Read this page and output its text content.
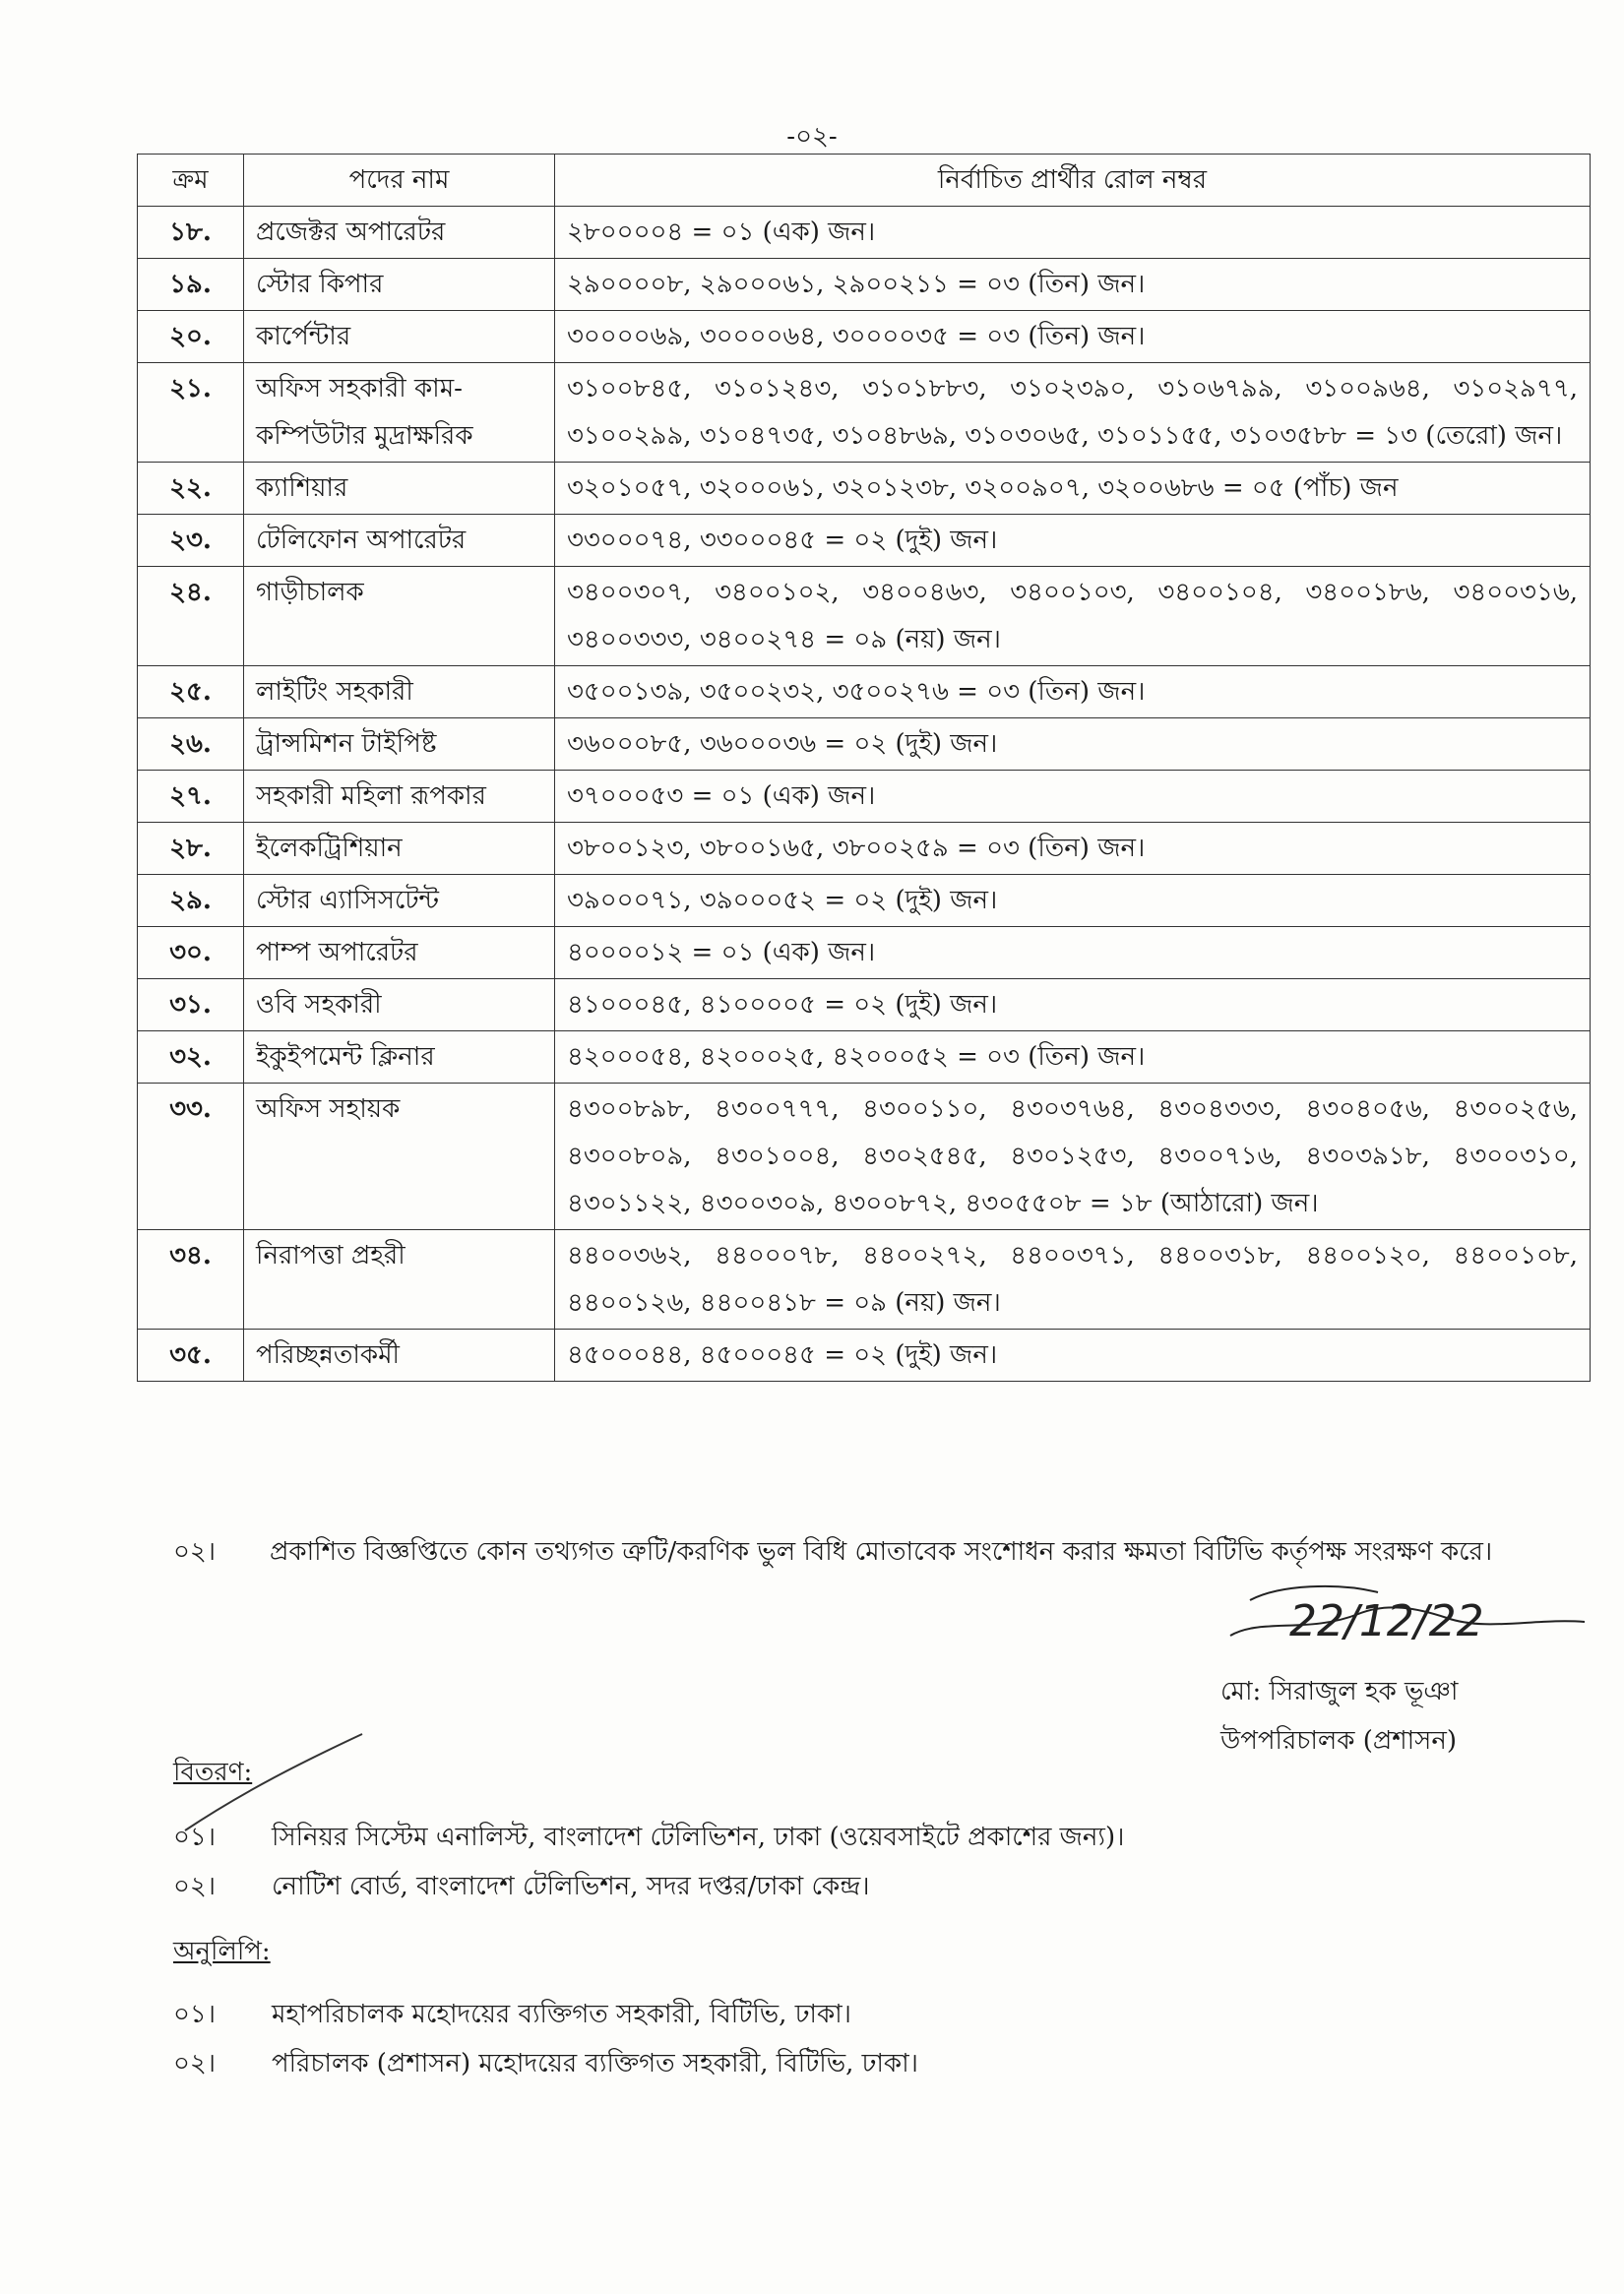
-০২-
ক্রম	পদের নাম	নির্বাচিত প্রার্থীর রোল নম্বর
১৮.	প্রজেক্টর অপারেটর	২৮০০০০৪ = ০১ (এক) জন।
১৯.	স্টোর কিপার	২৯০০০০৮, ২৯০০০৬১, ২৯০০২১১ = ০৩ (তিন) জন।
২০.	কার্পেন্টার	৩০০০০৬৯, ৩০০০০৬৪, ৩০০০০৩৫ = ০৩ (তিন) জন।
২১.	অফিস সহকারী কাম-কম্পিউটার মুদ্রাক্ষরিক	৩১০০৮৪৫, ৩১০১২৪৩, ৩১০১৮৮৩, ৩১০২৩৯০, ৩১০৬৭৯৯, ৩১০০৯৬৪, ৩১০২৯৭৭, ৩১০০২৯৯, ৩১০৪৭৩৫, ৩১০৪৮৬৯, ৩১০৩০৬৫, ৩১০১১৫৫, ৩১০৩৫৮৮ = ১৩ (তেরো) জন।
২২.	ক্যাশিয়ার	৩২০১০৫৭, ৩২০০০৬১, ৩২০১২৩৮, ৩২০০৯০৭, ৩২০০৬৮৬ = ০৫ (পাঁচ) জন
২৩.	টেলিফোন অপারেটর	৩৩০০০৭৪, ৩৩০০০৪৫ = ০২ (দুই) জন।
২৪.	গাড়ীচালক	৩৪০০৩০৭, ৩৪০০১০২, ৩৪০০৪৬৩, ৩৪০০১০৩, ৩৪০০১০৪, ৩৪০০১৮৬, ৩৪০০৩১৬, ৩৪০০৩৩৩, ৩৪০০২৭৪ = ০৯ (নয়) জন।
২৫.	লাইটিং সহকারী	৩৫০০১৩৯, ৩৫০০২৩২, ৩৫০০২৭৬ = ০৩ (তিন) জন।
২৬.	ট্রান্সমিশন টাইপিষ্ট	৩৬০০০৮৫, ৩৬০০০৩৬ = ০২ (দুই) জন।
২৭.	সহকারী মহিলা রূপকার	৩৭০০০৫৩ = ০১ (এক) জন।
২৮.	ইলেকট্রিশিয়ান	৩৮০০১২৩, ৩৮০০১৬৫, ৩৮০০২৫৯ = ০৩ (তিন) জন।
২৯.	স্টোর এ্যাসিসটেন্ট	৩৯০০০৭১, ৩৯০০০৫২ = ০২ (দুই) জন।
৩০.	পাম্প অপারেটর	৪০০০০১২ = ০১ (এক) জন।
৩১.	ওবি সহকারী	৪১০০০৪৫, ৪১০০০০৫ = ০২ (দুই) জন।
৩২.	ইকুইপমেন্ট ক্লিনার	৪২০০০৫৪, ৪২০০০২৫, ৪২০০০৫২ = ০৩ (তিন) জন।
৩৩.	অফিস সহায়ক	৪৩০০৮৯৮, ৪৩০০৭৭৭, ৪৩০০১১০, ৪৩০৩৭৬৪, ৪৩০৪৩৩৩, ৪৩০৪০৫৬, ৪৩০০২৫৬, ৪৩০০৮০৯, ৪৩০১০০৪, ৪৩০২৫৪৫, ৪৩০১২৫৩, ৪৩০০৭১৬, ৪৩০৩৯১৮, ৪৩০০৩১০, ৪৩০১১২২, ৪৩০০৩০৯, ৪৩০০৮৭২, ৪৩০৫৫০৮ = ১৮ (আঠারো) জন।
৩৪.	নিরাপত্তা প্রহরী	৪৪০০৩৬২, ৪৪০০০৭৮, ৪৪০০২৭২, ৪৪০০৩৭১, ৪৪০০৩১৮, ৪৪০০১২০, ৪৪০০১০৮, ৪৪০০১২৬, ৪৪০০৪১৮ = ০৯ (নয়) জন।
৩৫.	পরিচ্ছন্নতাকর্মী	৪৫০০০৪৪, ৪৫০০০৪৫ = ০২ (দুই) জন।
০২। প্রকাশিত বিজ্ঞপ্তিতে কোন তথ্যগত ত্রুটি/করণিক ভুল বিধি মোতাবেক সংশোধন করার ক্ষমতা বিটিভি কর্তৃপক্ষ সংরক্ষণ করে।
22/12/22
মো: সিরাজুল হক ভূঞা
উপপরিচালক (প্রশাসন)
বিতরণ:
০১।	সিনিয়র সিস্টেম এনালিস্ট, বাংলাদেশ টেলিভিশন, ঢাকা (ওয়েবসাইটে প্রকাশের জন্য)।
০২।	নোটিশ বোর্ড, বাংলাদেশ টেলিভিশন, সদর দপ্তর/ঢাকা কেন্দ্র।
অনুলিপি:
০১।	মহাপরিচালক মহোদয়ের ব্যক্তিগত সহকারী, বিটিভি, ঢাকা।
০২।	পরিচালক (প্রশাসন) মহোদয়ের ব্যক্তিগত সহকারী, বিটিভি, ঢাকা।
